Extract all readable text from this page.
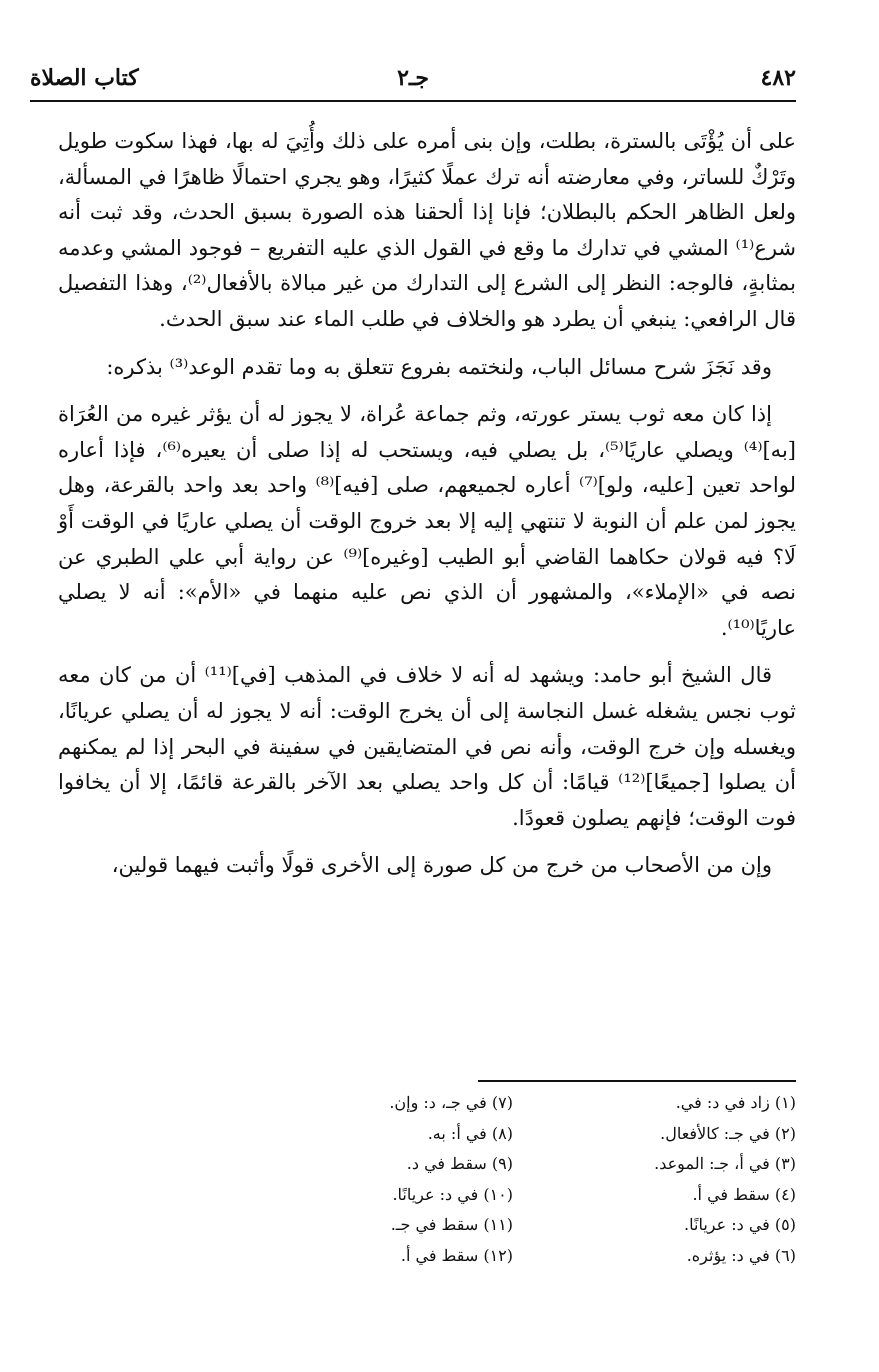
٤٨٢
جـ٢
كتاب الصلاة

على أن يُؤْتَى بالسترة، بطلت، وإن بنى أمره على ذلك وأُتِيَ له بها، فهذا سكوت طويل وتَرْكٌ للساتر، وفي معارضته أنه ترك عملًا كثيرًا، وهو يجري احتمالًا ظاهرًا في المسألة، ولعل الظاهر الحكم بالبطلان؛ فإنا إذا ألحقنا هذه الصورة بسبق الحدث، وقد ثبت أنه شرع⁽¹⁾ المشي في تدارك ما وقع في القول الذي عليه التفريع – فوجود المشي وعدمه بمثابةٍ، فالوجه: النظر إلى الشرع إلى التدارك من غير مبالاة بالأفعال⁽²⁾، وهذا التفصيل قال الرافعي: ينبغي أن يطرد هو والخلاف في طلب الماء عند سبق الحدث.

وقد نَجَزَ شرح مسائل الباب، ولنختمه بفروع تتعلق به وما تقدم الوعد⁽³⁾ بذكره:

إذا كان معه ثوب يستر عورته، وثم جماعة عُراة، لا يجوز له أن يؤثر غيره من العُرَاة [به]⁽⁴⁾ ويصلي عاريًا⁽⁵⁾، بل يصلي فيه، ويستحب له إذا صلى أن يعيره⁽⁶⁾، فإذا أعاره لواحد تعين [عليه، ولو]⁽⁷⁾ أعاره لجميعهم، صلى [فيه]⁽⁸⁾ واحد بعد واحد بالقرعة، وهل يجوز لمن علم أن النوبة لا تنتهي إليه إلا بعد خروج الوقت أن يصلي عاريًا في الوقت أَوْ لَا؟ فيه قولان حكاهما القاضي أبو الطيب [وغيره]⁽⁹⁾ عن رواية أبي علي الطبري عن نصه في «الإملاء»، والمشهور أن الذي نص عليه منهما في «الأم»: أنه لا يصلي عاريًا⁽¹⁰⁾.

قال الشيخ أبو حامد: ويشهد له أنه لا خلاف في المذهب [في]⁽¹¹⁾ أن من كان معه ثوب نجس يشغله غسل النجاسة إلى أن يخرج الوقت: أنه لا يجوز له أن يصلي عريانًا، ويغسله وإن خرج الوقت، وأنه نص في المتضايقين في سفينة في البحر إذا لم يمكنهم أن يصلوا [جميعًا]⁽¹²⁾ قيامًا: أن كل واحد يصلي بعد الآخر بالقرعة قائمًا، إلا أن يخافوا فوت الوقت؛ فإنهم يصلون قعودًا.

وإن من الأصحاب من خرج من كل صورة إلى الأخرى قولًا وأثبت فيهما قولين،

(١) زاد في د: في.
(٢) في جـ: كالأفعال.
(٣) في أ، جـ: الموعد.
(٤) سقط في أ.
(٥) في د: عريانًا.
(٦) في د: يؤثره.
(٧) في جـ، د: وإن.
(٨) في أ: به.
(٩) سقط في د.
(١٠) في د: عريانًا.
(١١) سقط في جـ.
(١٢) سقط في أ.
